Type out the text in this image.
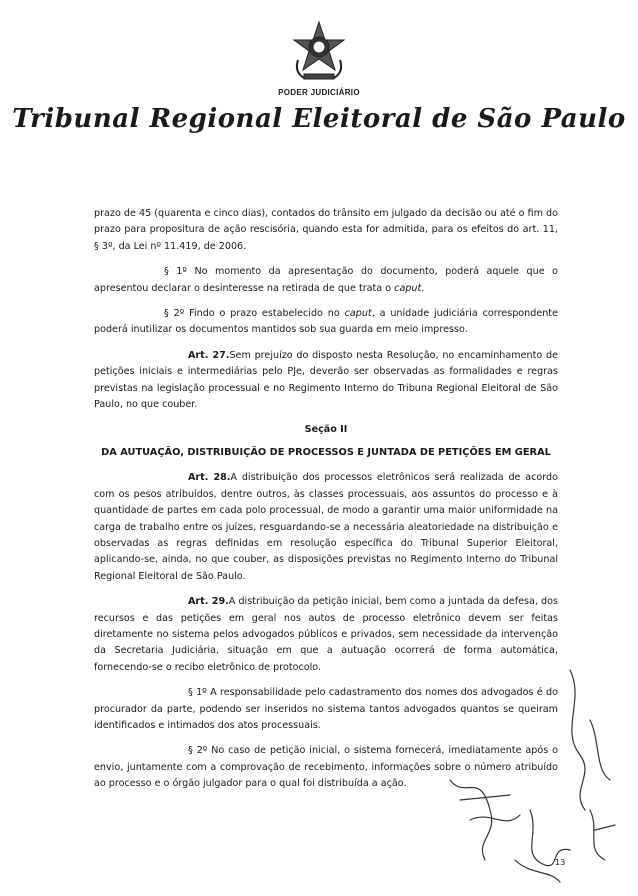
PODER JUDICIÁRIO
Tribunal Regional Eleitoral de São Paulo

prazo de 45 (quarenta e cinco dias), contados do trânsito em julgado da decisão ou até o fim do prazo para propositura de ação rescisória, quando esta for admitida, para os efeitos do art. 11, § 3º, da Lei nº 11.419, de 2006.

§ 1º No momento da apresentação do documento, poderá aquele que o apresentou declarar o desinteresse na retirada de que trata o caput.

§ 2º Findo o prazo estabelecido no caput, a unidade judiciária correspondente poderá inutilizar os documentos mantidos sob sua guarda em meio impresso.

Art. 27.Sem prejuízo do disposto nesta Resolução, no encaminhamento de petições iniciais e intermediárias pelo PJe, deverão ser observadas as formalidades e regras previstas na legislação processual e no Regimento Interno do Tribuna Regional Eleitoral de São Paulo, no que couber.

Seção II

DA AUTUAÇÃO, DISTRIBUIÇÃO DE PROCESSOS E JUNTADA DE PETIÇÕES EM GERAL

Art. 28.A distribuição dos processos eletrônicos será realizada de acordo com os pesos atribuídos, dentre outros, às classes processuais, aos assuntos do processo e à quantidade de partes em cada polo processual, de modo a garantir uma maior uniformidade na carga de trabalho entre os juízes, resguardando-se a necessária aleatoriedade na distribuição e observadas as regras definidas em resolução específica do Tribunal Superior Eleitoral, aplicando-se, ainda, no que couber, as disposições previstas no Regimento Interno do Tribunal Regional Eleitoral de São Paulo.

Art. 29.A distribuição da petição inicial, bem como a juntada da defesa, dos recursos e das petições em geral nos autos de processo eletrônico devem ser feitas diretamente no sistema pelos advogados públicos e privados, sem necessidade da intervenção da Secretaria Judiciária, situação em que a autuação ocorrerá de forma automática, fornecendo-se o recibo eletrônico de protocolo.

§ 1º A responsabilidade pelo cadastramento dos nomes dos advogados é do procurador da parte, podendo ser inseridos no sistema tantos advogados quantos se queiram identificados e intimados dos atos processuais.

§ 2º No caso de petição inicial, o sistema fornecerá, imediatamente após o envio, juntamente com a comprovação de recebimento, informações sobre o número atribuído ao processo e o órgão julgador para o qual foi distribuída a ação.

13
